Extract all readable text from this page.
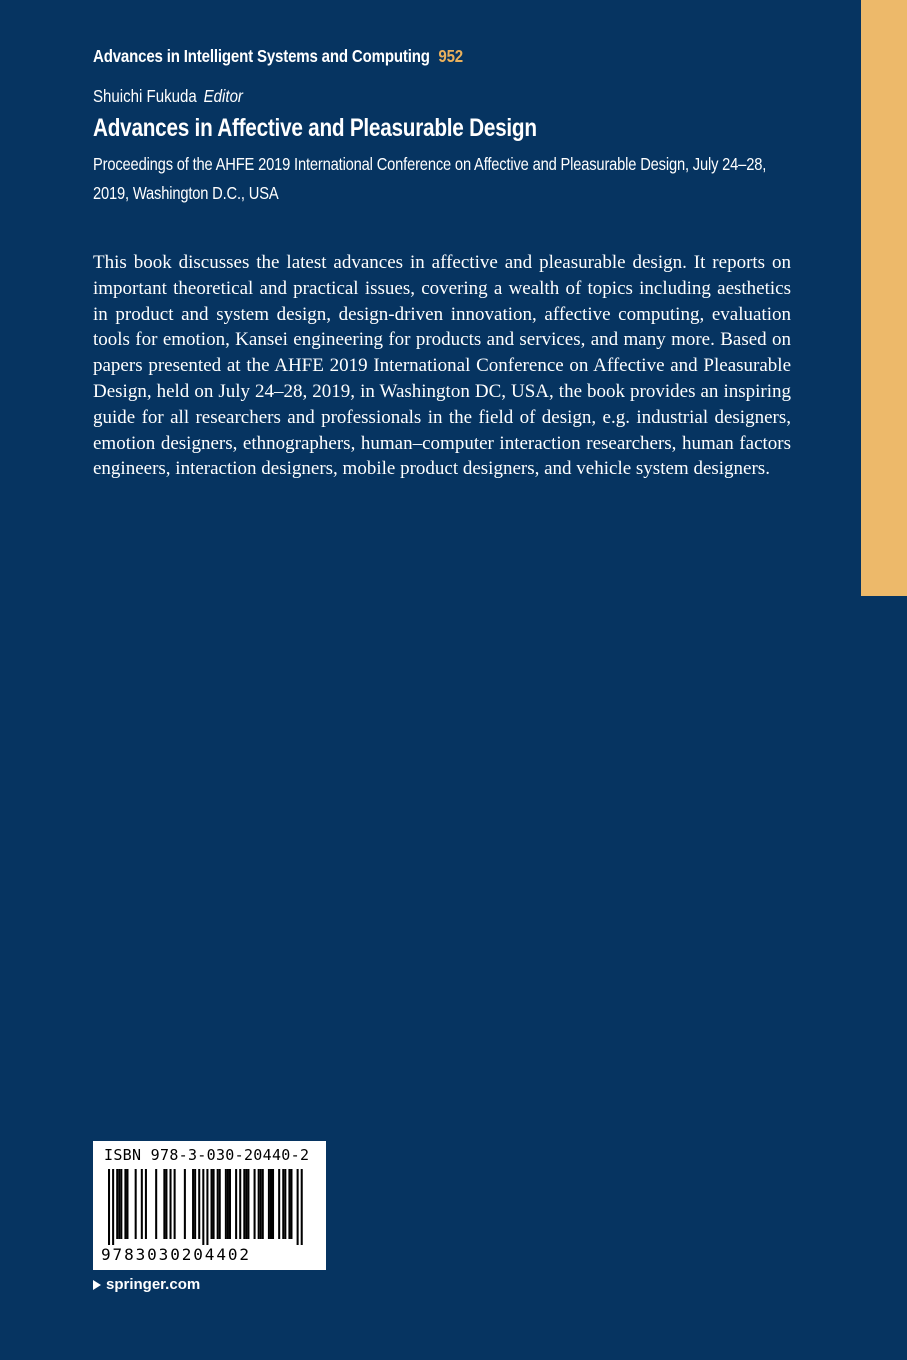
Advances in Intelligent Systems and Computing 952
Shuichi Fukuda Editor
Advances in Affective and Pleasurable Design
Proceedings of the AHFE 2019 International Conference on Affective and Pleasurable Design, July 24–28, 2019, Washington D.C., USA

This book discusses the latest advances in affective and pleasurable design. It reports on important theoretical and practical issues, covering a wealth of topics including aesthetics in product and system design, design-driven innovation, affective computing, evaluation tools for emotion, Kansei engineering for products and services, and many more. Based on papers presented at the AHFE 2019 International Conference on Affective and Pleasurable Design, held on July 24–28, 2019, in Washington DC, USA, the book provides an inspiring guide for all researchers and professionals in the field of design, e.g. industrial designers, emotion designers, ethnographers, human–computer interaction researchers, human factors engineers, interaction designers, mobile product designers, and vehicle system designers.

ISBN 978-3-030-20440-2
9783030204402
springer.com
